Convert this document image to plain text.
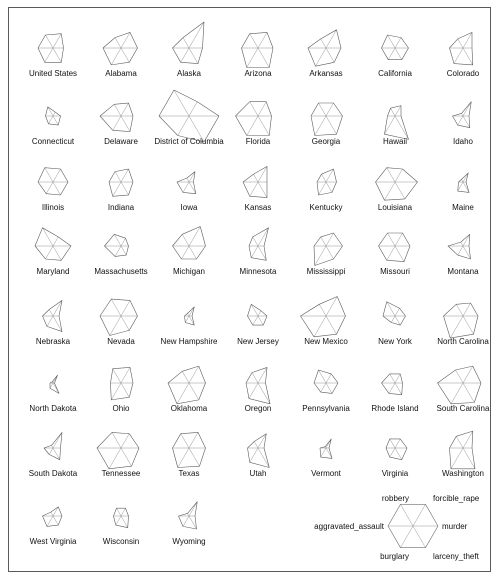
United States	Alabama	Alaska	Arizona	Arkansas	California	Colorado
Connecticut	Delaware District of Columbia	Florida	Georgia	Hawaii	Idaho
Illinois	Indiana	Iowa	Kansas	Kentucky	Louisiana	Maine
Maryland	Massachusetts	Michigan	Minnesota	Mississippi	Missouri	Montana
Nebraska	Nevada	New Hampshire New Jersey	New Mexico	New York	North Carolina
North Dakota	Ohio	Oklahoma	Oregon	Pennsylvania	Rhode Island South Carolina
South Dakota	Tennessee	Texas	Utah	Vermont	Virginia	Washington
West Virginia	Wisconsin	Wyoming
murder
forcible_rape
robbery
aggravated_assault
burglary	larceny_theft
